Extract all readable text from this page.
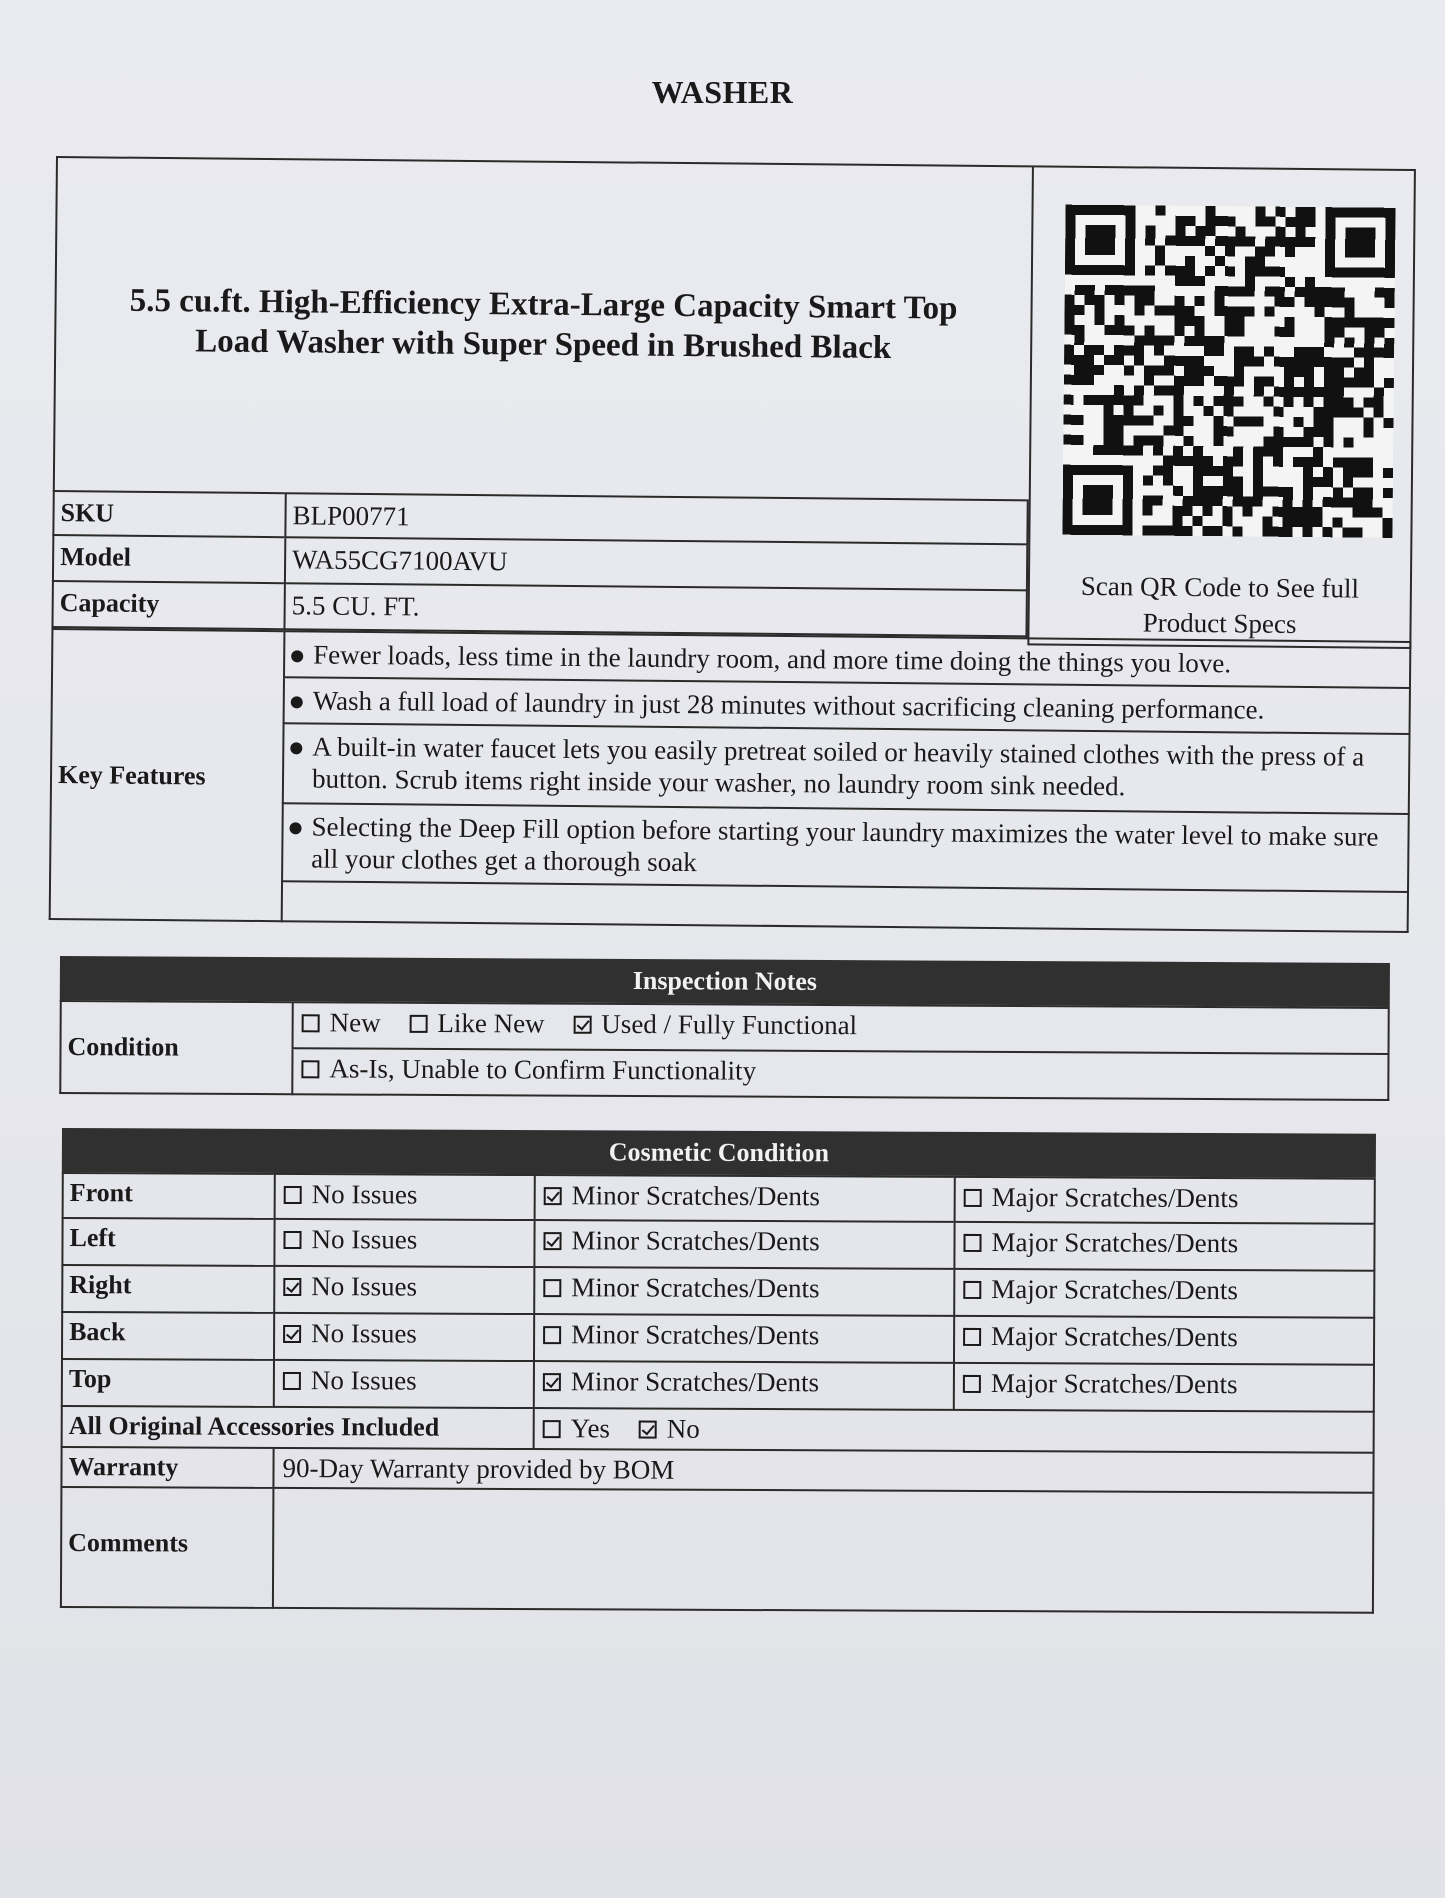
WASHER
5.5 cu.ft. High-Efficiency Extra-Large Capacity Smart Top
Load Washer with Super Speed in Brushed Black
Scan QR Code to See full
Product Specs
SKU	BLP00771
Model	WA55CG7100AVU
Capacity	5.5 CU. FT.
Key Features
Fewer loads, less time in the laundry room, and more time doing the things you love.
Wash a full load of laundry in just 28 minutes without sacrificing cleaning performance.
A built-in water faucet lets you easily pretreat soiled or heavily stained clothes with the press of a button. Scrub items right inside your washer, no laundry room sink needed.
Selecting the Deep Fill option before starting your laundry maximizes the water level to make sure all your clothes get a thorough soak
Inspection Notes
Condition
New Like New Used / Fully Functional
As-Is, Unable to Confirm Functionality
Cosmetic Condition
Front	No Issues	Minor Scratches/Dents	Major Scratches/Dents
Left	No Issues	Minor Scratches/Dents	Major Scratches/Dents
Right	No Issues	Minor Scratches/Dents	Major Scratches/Dents
Back	No Issues	Minor Scratches/Dents	Major Scratches/Dents
Top	No Issues	Minor Scratches/Dents	Major Scratches/Dents
All Original Accessories Included	Yes No
Warranty	90-Day Warranty provided by BOM
Comments
